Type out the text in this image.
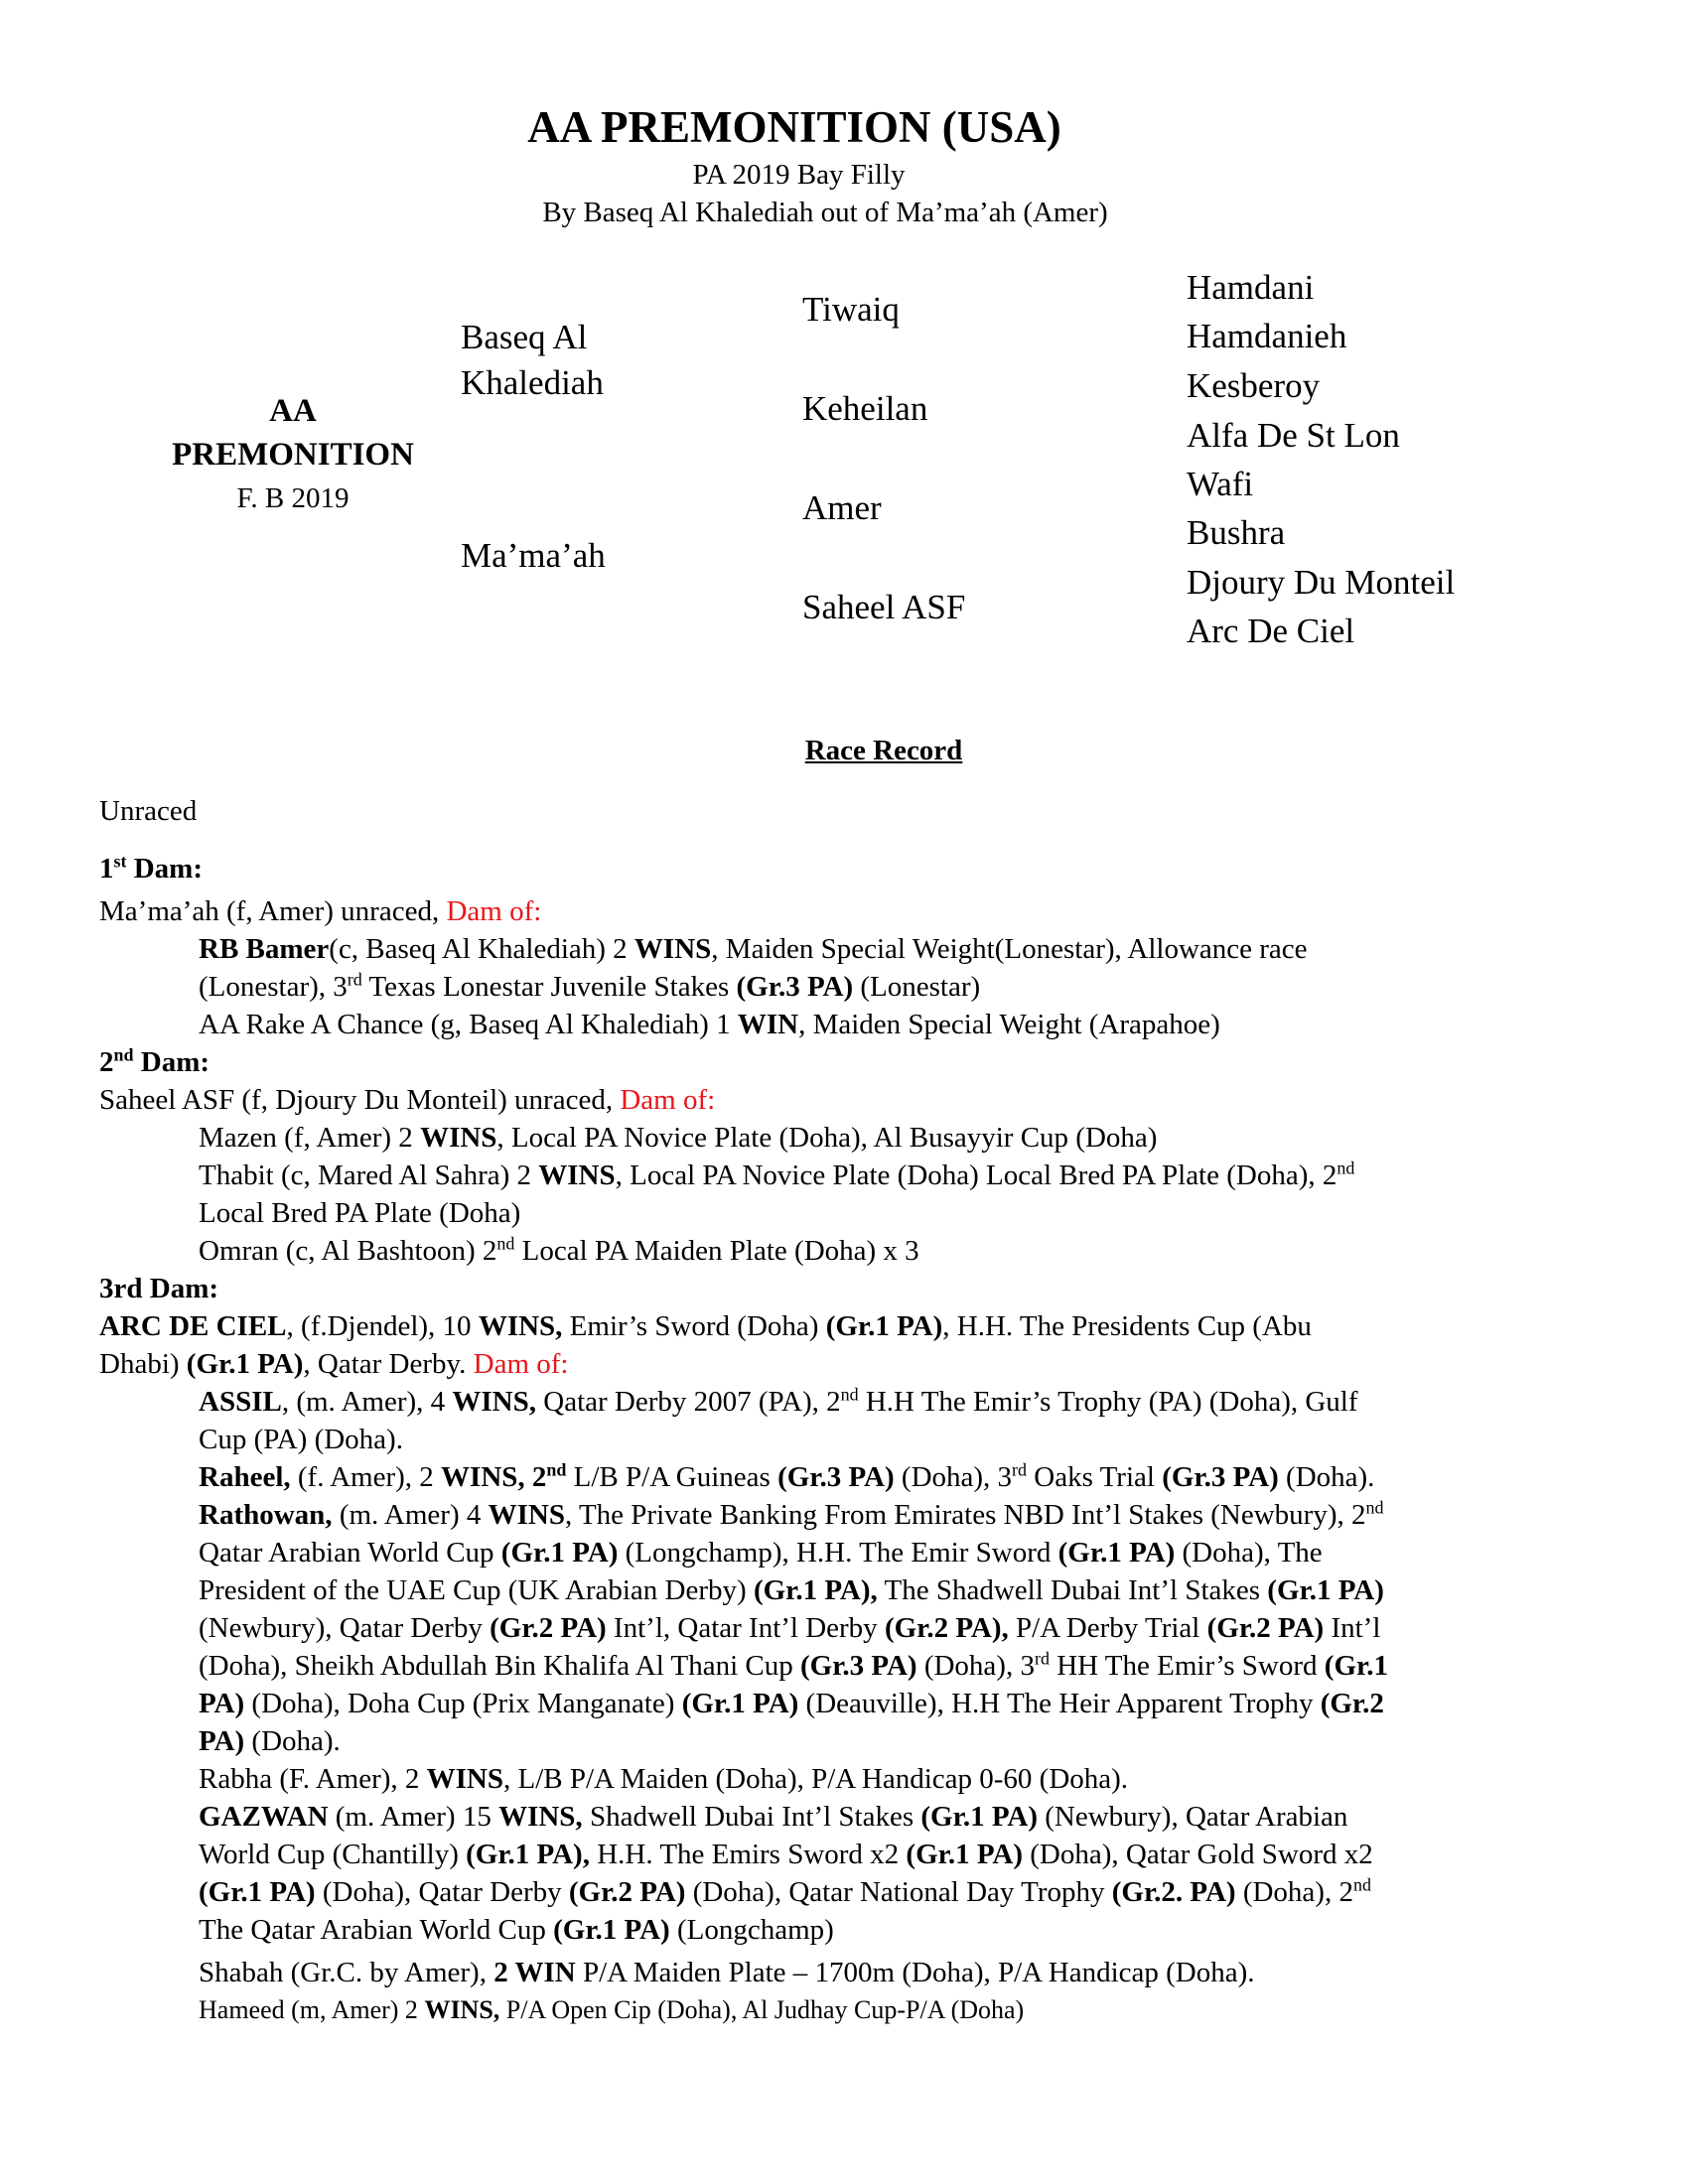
AA PREMONITION (USA)
PA 2019 Bay Filly
By Baseq Al Khalediah out of Ma’ma’ah (Amer)
AA
PREMONITION
F. B 2019
Baseq Al
Khalediah
Ma’ma’ah
Tiwaiq
Keheilan
Amer
Saheel ASF
Hamdani
Hamdanieh
Kesberoy
Alfa De St Lon
Wafi
Bushra
Djoury Du Monteil
Arc De Ciel
Race Record
Unraced
1st Dam:
Ma’ma’ah (f, Amer) unraced, Dam of:
RB Bamer(c, Baseq Al Khalediah) 2 WINS, Maiden Special Weight(Lonestar), Allowance race
(Lonestar), 3rd Texas Lonestar Juvenile Stakes (Gr.3 PA) (Lonestar)
AA Rake A Chance (g, Baseq Al Khalediah) 1 WIN, Maiden Special Weight (Arapahoe)
2nd Dam:
Saheel ASF (f, Djoury Du Monteil) unraced, Dam of:
Mazen (f, Amer) 2 WINS, Local PA Novice Plate (Doha), Al Busayyir Cup (Doha)
Thabit (c, Mared Al Sahra) 2 WINS, Local PA Novice Plate (Doha) Local Bred PA Plate (Doha), 2nd
Local Bred PA Plate (Doha)
Omran (c, Al Bashtoon) 2nd Local PA Maiden Plate (Doha) x 3
3rd Dam:
ARC DE CIEL, (f.Djendel), 10 WINS, Emir’s Sword (Doha) (Gr.1 PA), H.H. The Presidents Cup (Abu
Dhabi) (Gr.1 PA), Qatar Derby. Dam of:
ASSIL, (m. Amer), 4 WINS, Qatar Derby 2007 (PA), 2nd H.H The Emir’s Trophy (PA) (Doha), Gulf
Cup (PA) (Doha).
Raheel, (f. Amer), 2 WINS, 2nd L/B P/A Guineas (Gr.3 PA) (Doha), 3rd Oaks Trial (Gr.3 PA) (Doha).
Rathowan, (m. Amer) 4 WINS, The Private Banking From Emirates NBD Int’l Stakes (Newbury), 2nd
Qatar Arabian World Cup (Gr.1 PA) (Longchamp), H.H. The Emir Sword (Gr.1 PA) (Doha), The
President of the UAE Cup (UK Arabian Derby) (Gr.1 PA), The Shadwell Dubai Int’l Stakes (Gr.1 PA)
(Newbury), Qatar Derby (Gr.2 PA) Int’l, Qatar Int’l Derby (Gr.2 PA), P/A Derby Trial (Gr.2 PA) Int’l
(Doha), Sheikh Abdullah Bin Khalifa Al Thani Cup (Gr.3 PA) (Doha), 3rd HH The Emir’s Sword (Gr.1
PA) (Doha), Doha Cup (Prix Manganate) (Gr.1 PA) (Deauville), H.H The Heir Apparent Trophy (Gr.2
PA) (Doha).
Rabha (F. Amer), 2 WINS, L/B P/A Maiden (Doha), P/A Handicap 0-60 (Doha).
GAZWAN (m. Amer) 15 WINS, Shadwell Dubai Int’l Stakes (Gr.1 PA) (Newbury), Qatar Arabian
World Cup (Chantilly) (Gr.1 PA), H.H. The Emirs Sword x2 (Gr.1 PA) (Doha), Qatar Gold Sword x2
(Gr.1 PA) (Doha), Qatar Derby (Gr.2 PA) (Doha), Qatar National Day Trophy (Gr.2. PA) (Doha), 2nd
The Qatar Arabian World Cup (Gr.1 PA) (Longchamp)
Shabah (Gr.C. by Amer), 2 WIN P/A Maiden Plate – 1700m (Doha), P/A Handicap (Doha).
Hameed (m, Amer) 2 WINS, P/A Open Cip (Doha), Al Judhay Cup-P/A (Doha)
